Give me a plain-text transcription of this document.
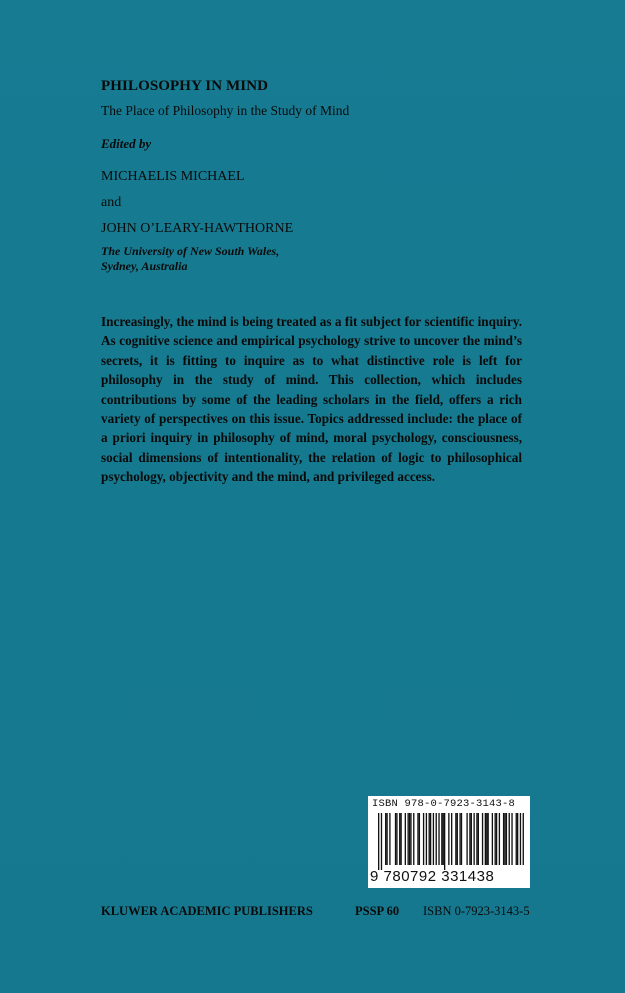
PHILOSOPHY IN MIND
The Place of Philosophy in the Study of Mind
Edited by
MICHAELIS MICHAEL
and
JOHN O’LEARY-HAWTHORNE
The University of New South Wales,
Sydney, Australia
Increasingly, the mind is being treated as a fit subject for scientific inquiry. As cognitive science and empirical psychology strive to uncover the mind’s secrets, it is fitting to inquire as to what distinctive role is left for philosophy in the study of mind. This collection, which includes contributions by some of the leading scholars in the field, offers a rich variety of perspectives on this issue. Topics addressed include: the place of a priori inquiry in philosophy of mind, moral psychology, consciousness, social dimensions of intentionality, the relation of logic to philosophical psychology, objectivity and the mind, and privileged access.
ISBN 978-0-7923-3143-8
9 780792 331438
KLUWER ACADEMIC PUBLISHERS	PSSP 60 ISBN 0-7923-3143-5
